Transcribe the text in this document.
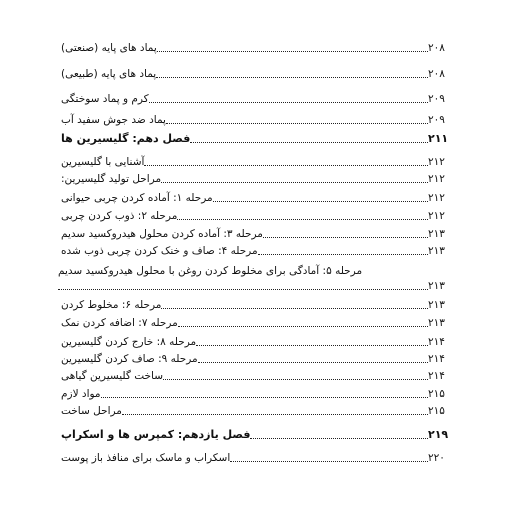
پماد های پایه (صنعتی)	۲۰۸
پماد های پایه (طبیعی)	۲۰۸
کرم و پماد سوختگی	۲۰۹
پماد ضد جوش سفید آب	۲۰۹
فصل دهم: گلیسیرین ها	۲۱۱
آشنایی با گلیسیرین	۲۱۲
مراحل تولید گلیسیرین:	۲۱۲
مرحله ۱: آماده کردن چربی حیوانی	۲۱۲
مرحله ۲: ذوب کردن چربی	۲۱۲
مرحله ۳: آماده کردن محلول هیدروکسید سدیم	۲۱۳
مرحله ۴: صاف و خنک کردن چربی ذوب شده	۲۱۳
مرحله ۵: آمادگی برای مخلوط کردن روغن با محلول هیدروکسید سدیم
۲۱۳
مرحله ۶: مخلوط کردن	۲۱۳
مرحله ۷: اضافه کردن نمک	۲۱۳
مرحله ۸: خارج کردن گلیسیرین	۲۱۴
مرحله ۹: صاف کردن گلیسیرین	۲۱۴
ساخت گلیسیرین گیاهی	۲۱۴
مواد لازم	۲۱۵
مراحل ساخت	۲۱۵
فصل یازدهم: کمپرس ها و اسکراپ	۲۱۹
اسکراب و ماسک برای منافذ باز پوست	۲۲۰
